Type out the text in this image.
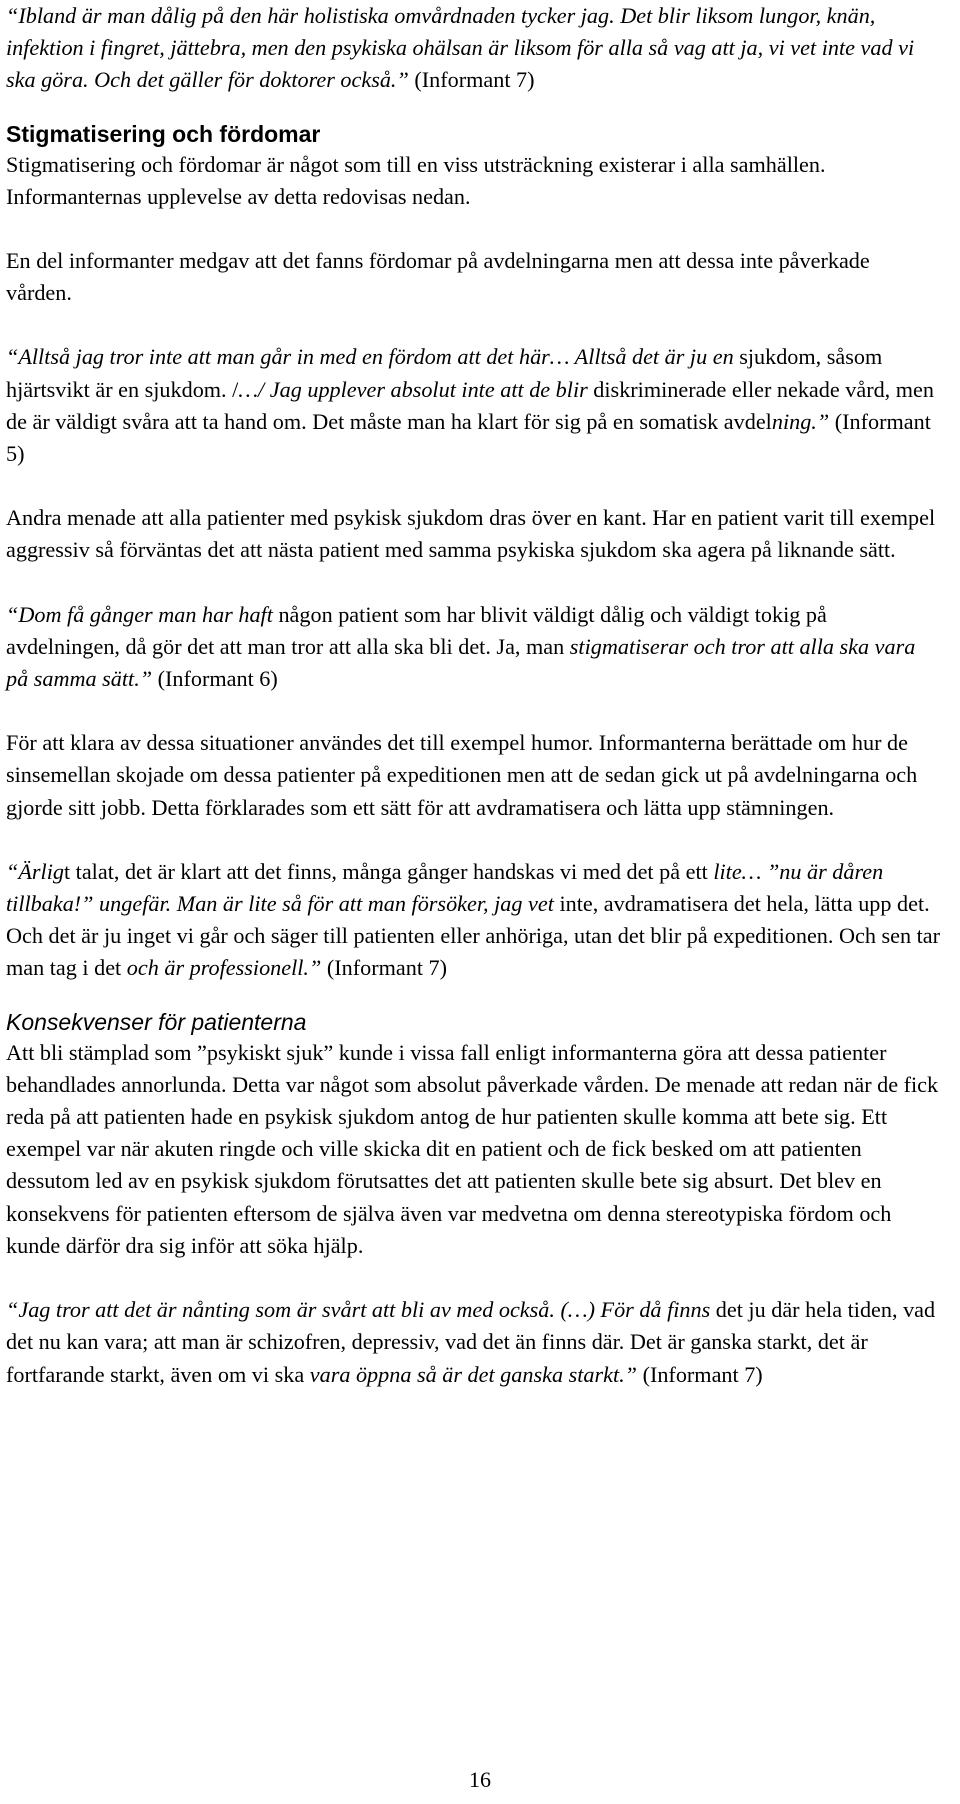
“Ibland är man dålig på den här holistiska omvårdnaden tycker jag. Det blir liksom lungor, knän, infektion i fingret, jättebra, men den psykiska ohälsan är liksom för alla så vag att ja, vi vet inte vad vi ska göra. Och det gäller för doktorer också.” (Informant 7)

Stigmatisering och fördomar

Stigmatisering och fördomar är något som till en viss utsträckning existerar i alla samhällen. Informanternas upplevelse av detta redovisas nedan.

En del informanter medgav att det fanns fördomar på avdelningarna men att dessa inte påverkade vården.

“Alltså jag tror inte att man går in med en fördom att det här… Alltså det är ju en sjukdom, såsom hjärtsvikt är en sjukdom. /…/ Jag upplever absolut inte att de blir diskriminerade eller nekade vård, men de är väldigt svåra att ta hand om. Det måste man ha klart för sig på en somatisk avdelning.” (Informant 5)

Andra menade att alla patienter med psykisk sjukdom dras över en kant. Har en patient varit till exempel aggressiv så förväntas det att nästa patient med samma psykiska sjukdom ska agera på liknande sätt.

“Dom få gånger man har haft någon patient som har blivit väldigt dålig och väldigt tokig på avdelningen, då gör det att man tror att alla ska bli det. Ja, man stigmatiserar och tror att alla ska vara på samma sätt.” (Informant 6)

För att klara av dessa situationer användes det till exempel humor. Informanterna berättade om hur de sinsemellan skojade om dessa patienter på expeditionen men att de sedan gick ut på avdelningarna och gjorde sitt jobb. Detta förklarades som ett sätt för att avdramatisera och lätta upp stämningen.

“Ärligt talat, det är klart att det finns, många gånger handskas vi med det på ett lite… ”nu är dåren tillbaka!” ungefär. Man är lite så för att man försöker, jag vet inte, avdramatisera det hela, lätta upp det. Och det är ju inget vi går och säger till patienten eller anhöriga, utan det blir på expeditionen. Och sen tar man tag i det och är professionell.” (Informant 7)

Konsekvenser för patienterna

Att bli stämplad som ”psykiskt sjuk” kunde i vissa fall enligt informanterna göra att dessa patienter behandlades annorlunda. Detta var något som absolut påverkade vården. De menade att redan när de fick reda på att patienten hade en psykisk sjukdom antog de hur patienten skulle komma att bete sig. Ett exempel var när akuten ringde och ville skicka dit en patient och de fick besked om att patienten dessutom led av en psykisk sjukdom förutsattes det att patienten skulle bete sig absurt. Det blev en konsekvens för patienten eftersom de själva även var medvetna om denna stereotypiska fördom och kunde därför dra sig inför att söka hjälp.

“Jag tror att det är nånting som är svårt att bli av med också. (…) För då finns det ju där hela tiden, vad det nu kan vara; att man är schizofren, depressiv, vad det än finns där. Det är ganska starkt, det är fortfarande starkt, även om vi ska vara öppna så är det ganska starkt.” (Informant 7)

16
